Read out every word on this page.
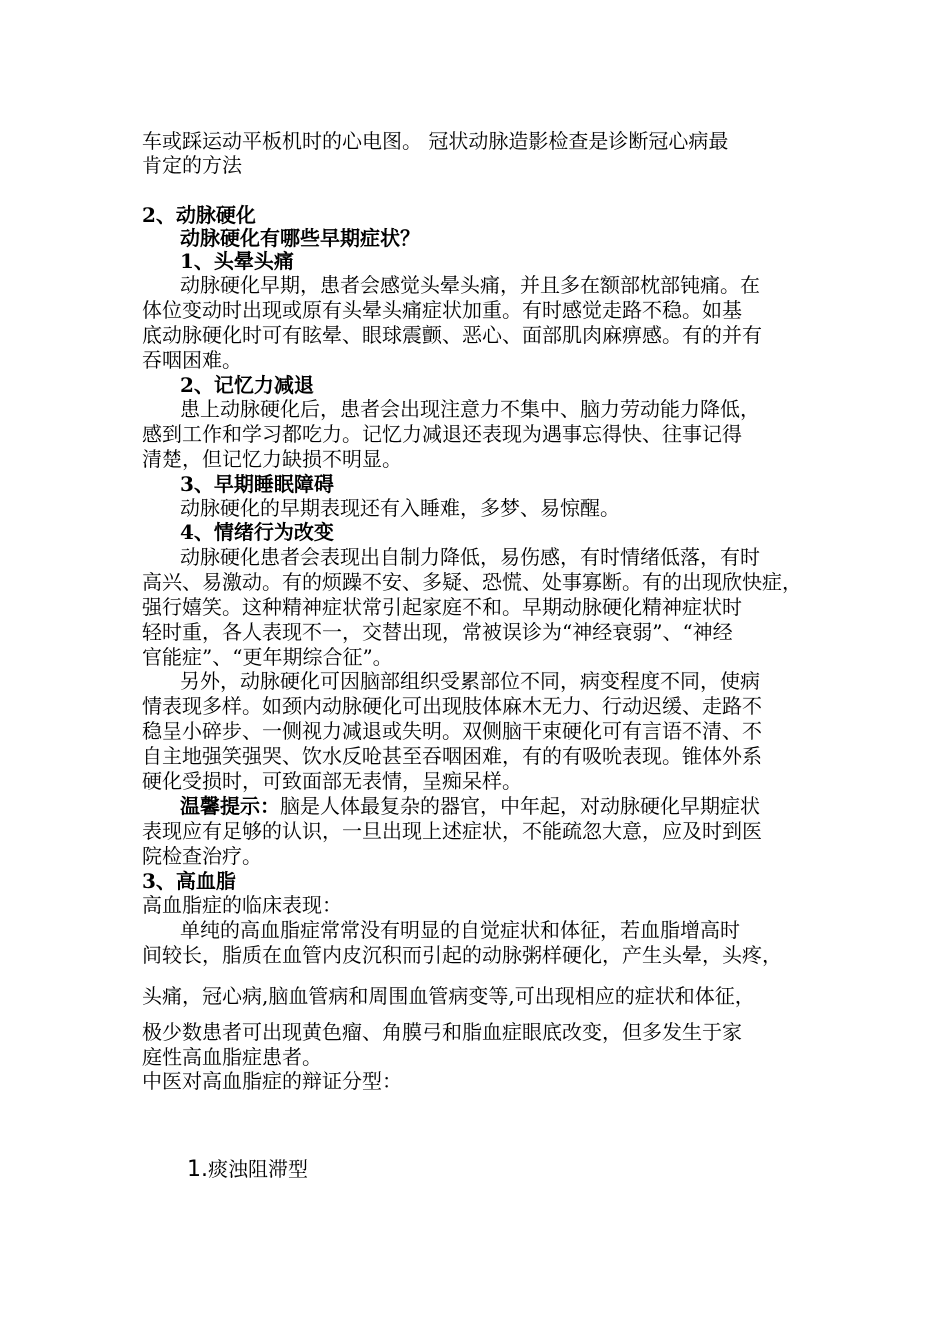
车或踩运动平板机时的心电图。 冠状动脉造影检查是诊断冠心病最

肯定的方法

2、动脉硬化

动脉硬化有哪些早期症状？

1、头晕头痛

动脉硬化早期，患者会感觉头晕头痛，并且多在额部枕部钝痛。在

体位变动时出现或原有头晕头痛症状加重。有时感觉走路不稳。如基

底动脉硬化时可有眩晕、眼球震颤、恶心、面部肌肉麻痹感。有的并有

吞咽困难。

2、记忆力减退

患上动脉硬化后，患者会出现注意力不集中、脑力劳动能力降低，

感到工作和学习都吃力。记忆力减退还表现为遇事忘得快、往事记得

清楚，但记忆力缺损不明显。

3、早期睡眠障碍

动脉硬化的早期表现还有入睡难，多梦、易惊醒。

4、情绪行为改变

动脉硬化患者会表现出自制力降低，易伤感，有时情绪低落，有时

高兴、易激动。有的烦躁不安、多疑、恐慌、处事寡断。有的出现欣快症，

强行嬉笑。这种精神症状常引起家庭不和。早期动脉硬化精神症状时

轻时重，各人表现不一，交替出现，常被误诊为“神经衰弱”、“神经

官能症”、“更年期综合征”。

另外，动脉硬化可因脑部组织受累部位不同，病变程度不同，使病

情表现多样。如颈内动脉硬化可出现肢体麻木无力、行动迟缓、走路不

稳呈小碎步、一侧视力减退或失明。双侧脑干束硬化可有言语不清、不

自主地强笑强哭、饮水反呛甚至吞咽困难，有的有吸吮表现。锥体外系

硬化受损时，可致面部无表情，呈痴呆样。

温馨提示：脑是人体最复杂的器官，中年起，对动脉硬化早期症状

表现应有足够的认识，一旦出现上述症状，不能疏忽大意，应及时到医

院检查治疗。

3、高血脂

高血脂症的临床表现：

单纯的高血脂症常常没有明显的自觉症状和体征，若血脂增高时

间较长，脂质在血管内皮沉积而引起的动脉粥样硬化，产生头晕，头疼，

头痛，冠心病,脑血管病和周围血管病变等,可出现相应的症状和体征，

极少数患者可出现黄色瘤、角膜弓和脂血症眼底改变，但多发生于家

庭性高血脂症患者。

中医对高血脂症的辩证分型：

1.痰浊阻滞型
